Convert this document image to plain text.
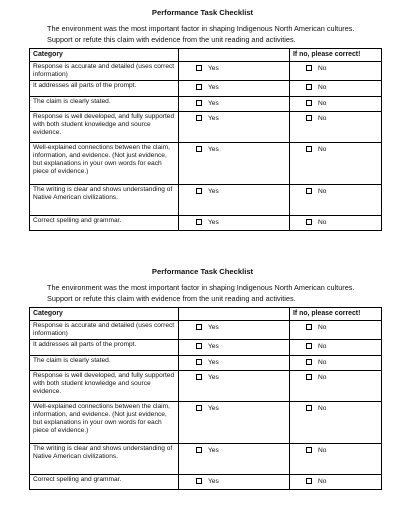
Performance Task Checklist
The environment was the most important factor in shaping Indigenous North American cultures.
Support or refute this claim with evidence from the unit reading and activities.
Category		If no, please correct!
Response is accurate and detailed (uses correct information)	Yes	No

It addresses all parts of the prompt.	Yes	No

The claim is clearly stated.	Yes	No

Response is well developed, and fully supported with both student knowledge and source evidence.	Yes	No

Well-explained connections between the claim, information, and evidence. (Not just evidence, but explanations in your own words for each piece of evidence.)	Yes	No

The writing is clear and shows understanding of Native American civilizations.	Yes	No

Correct spelling and grammar.	Yes	No
Performance Task Checklist
The environment was the most important factor in shaping Indigenous North American cultures.
Support or refute this claim with evidence from the unit reading and activities.
Category		If no, please correct!
Response is accurate and detailed (uses correct information)	Yes	No

It addresses all parts of the prompt.	Yes	No

The claim is clearly stated.	Yes	No

Response is well developed, and fully supported with both student knowledge and source evidence.	Yes	No

Well-explained connections between the claim, information, and evidence. (Not just evidence, but explanations in your own words for each piece of evidence.)	Yes	No

The writing is clear and shows understanding of Native American civilizations.	Yes	No

Correct spelling and grammar.	Yes	No
